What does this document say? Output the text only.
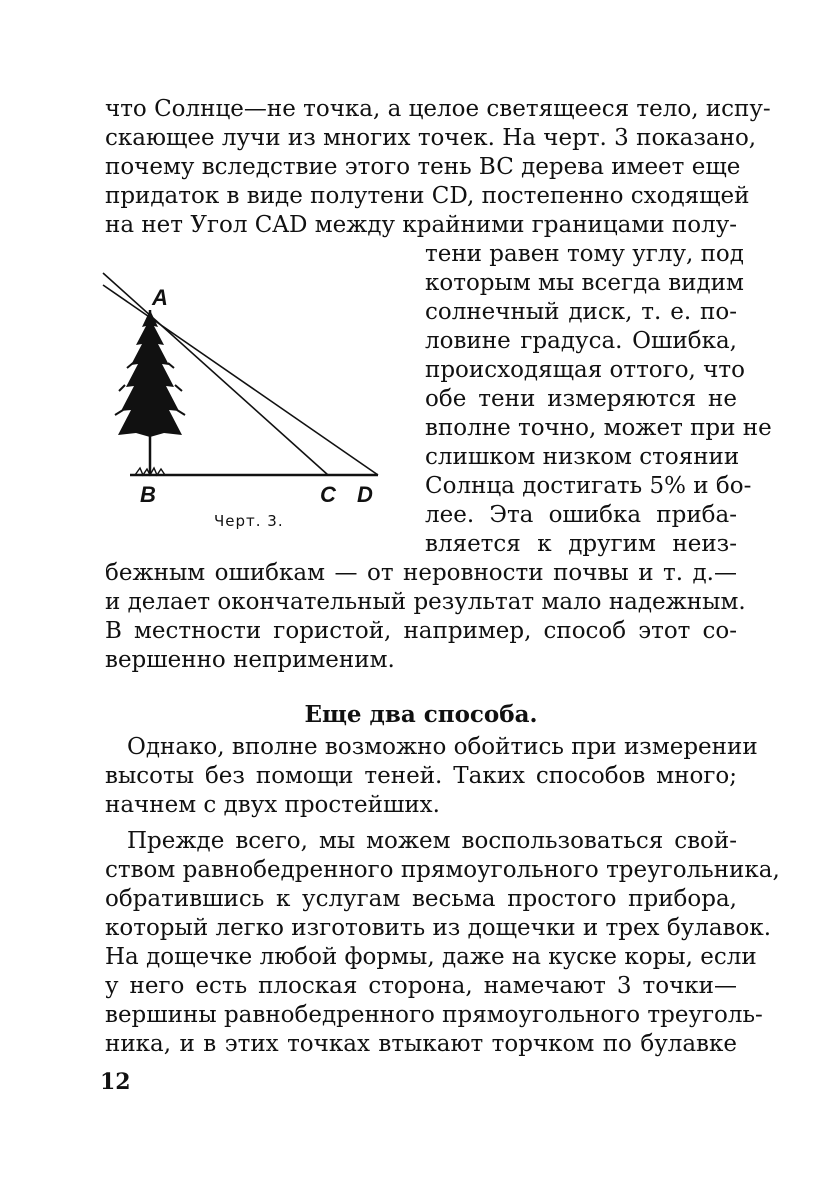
что Солнце—не точка, а целое светящееся тело, испу-
скающее лучи из многих точек. На черт. 3 показано,
почему вследствие этого тень BC дерева имеет еще
придаток в виде полутени CD, постепенно сходящей
на нет Угол CAD между крайними границами полу-
тени равен тому углу, под
которым мы всегда видим
солнечный диск, т. е. по-
ловине градуса. Ошибка,
происходящая оттого, что
обе тени измеряются не
вполне точно, может при не
слишком низком стоянии
Солнца достигать 5% и бо-
лее. Эта ошибка приба-
вляется к другим неиз-
бежным ошибкам — от неровности почвы и т. д.—
и делает окончательный результат мало надежным.
В местности гористой, например, способ этот со-
вершенно неприменим.
А
В	С D
Черт. 3.
Еще два способа.
Однако, вполне возможно обойтись при измерении
высоты без помощи теней. Таких способов много;
начнем с двух простейших.
Прежде всего, мы можем воспользоваться свой-
ством равнобедренного прямоугольного треугольника,
обратившись к услугам весьма простого прибора,
который легко изготовить из дощечки и трех булавок.
На дощечке любой формы, даже на куске коры, если
у него есть плоская сторона, намечают 3 точки—
вершины равнобедренного прямоугольного треуголь-
ника, и в этих точках втыкают торчком по булавке
12
